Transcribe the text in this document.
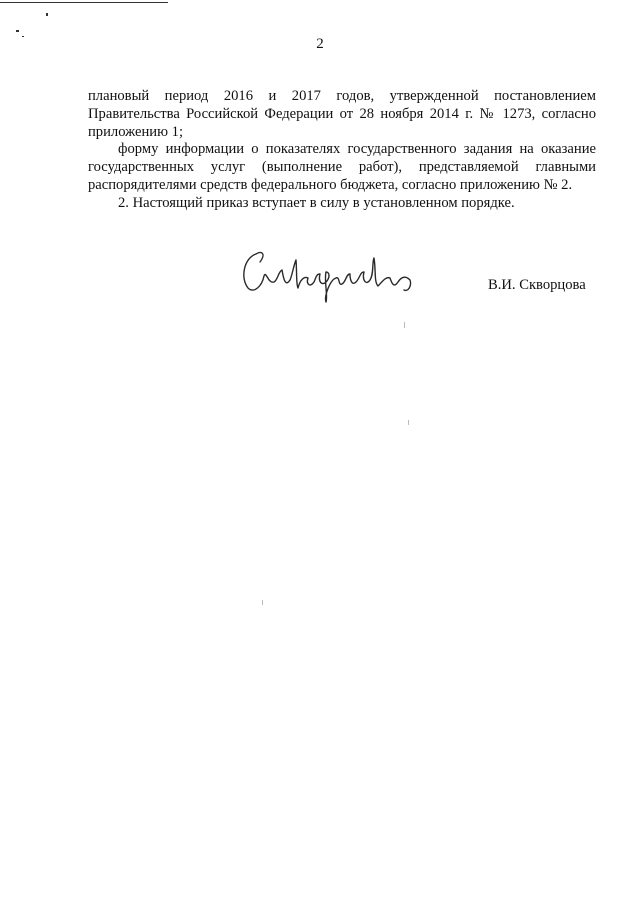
2

плановый период 2016 и 2017 годов, утвержденной постановлением Правительства Российской Федерации от 28 ноября 2014 г. № 1273, согласно приложению 1;

форму информации о показателях государственного задания на оказание государственных услуг (выполнение работ), представляемой главными распорядителями средств федерального бюджета, согласно приложению № 2.

2. Настоящий приказ вступает в силу в установленном порядке.

В.И. Скворцова
